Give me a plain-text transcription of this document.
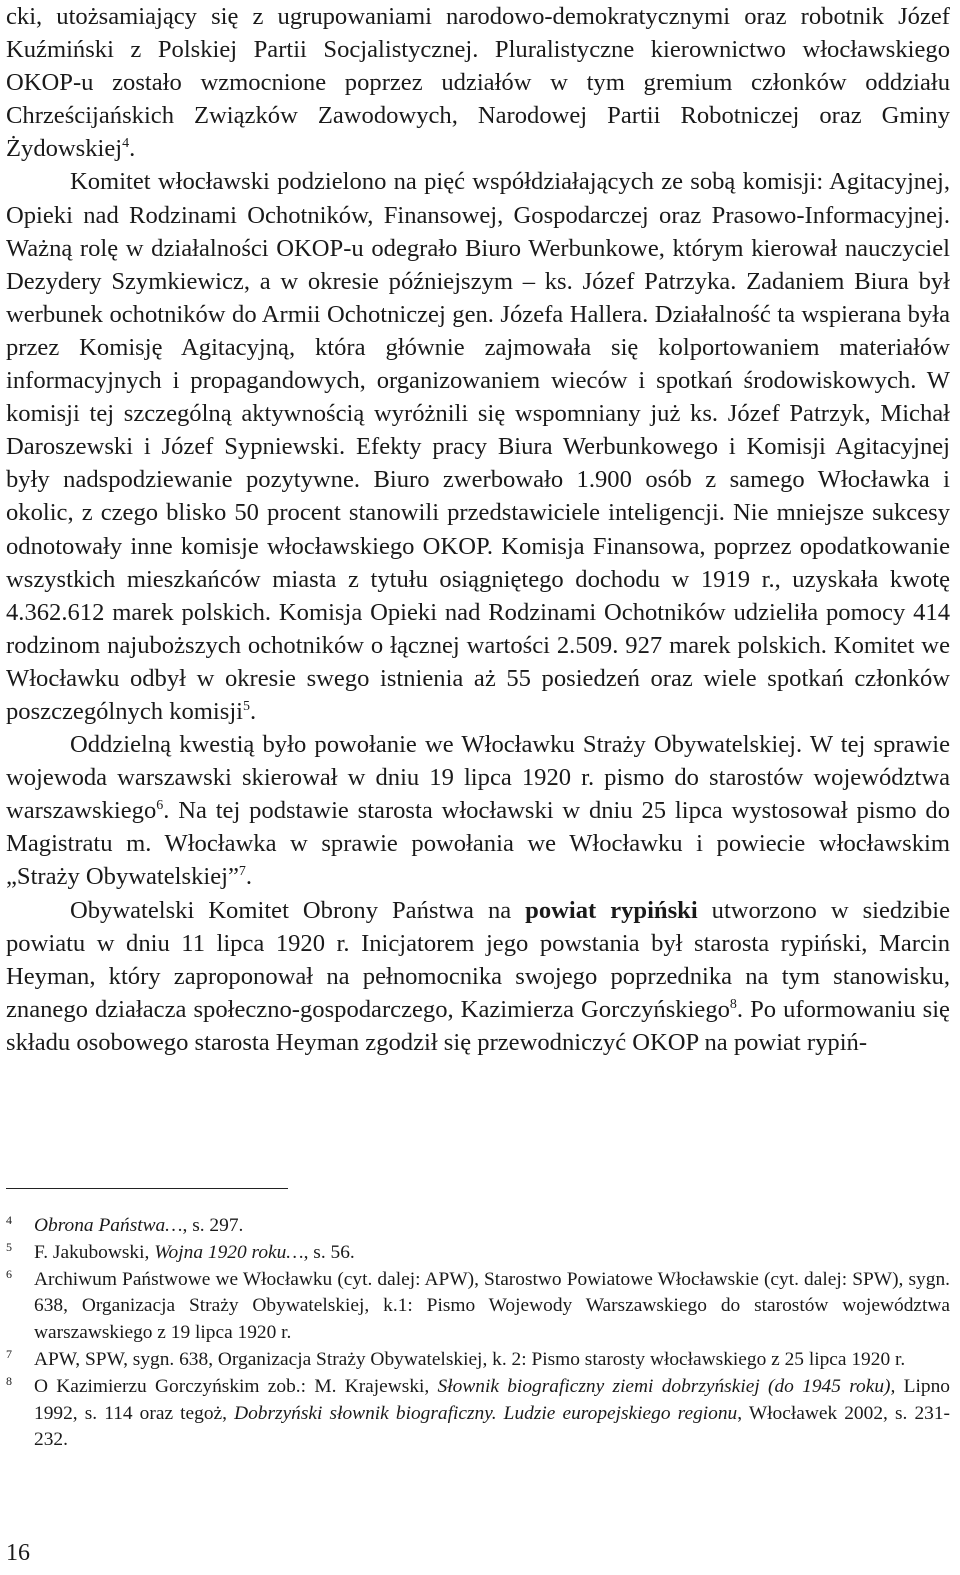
cki, utożsamiający się z ugrupowaniami narodowo-demokratycznymi oraz robotnik Józef Kuźmiński z Polskiej Partii Socjalistycznej. Pluralistyczne kierownictwo włocławskiego OKOP-u zostało wzmocnione poprzez udziałów w tym gremium członków oddziału Chrześcijańskich Związków Zawodowych, Narodowej Partii Robotniczej oraz Gminy Żydowskiej$^4$.

Komitet włocławski podzielono na pięć współdziałających ze sobą komisji: Agitacyjnej, Opieki nad Rodzinami Ochotników, Finansowej, Gospodarczej oraz Prasowo-Informacyjnej. Ważną rolę w działalności OKOP-u odegrało Biuro Werbunkowe, którym kierował nauczyciel Dezydery Szymkiewicz, a w okresie późniejszym – ks. Józef Patrzyka. Zadaniem Biura był werbunek ochotników do Armii Ochotniczej gen. Józefa Hallera. Działalność ta wspierana była przez Komisję Agitacyjną, która głównie zajmowała się kolportowaniem materiałów informacyjnych i propagandowych, organizowaniem wieców i spotkań środowiskowych. W komisji tej szczególną aktywnością wyróżnili się wspomniany już ks. Józef Patrzyk, Michał Daroszewski i Józef Sypniewski. Efekty pracy Biura Werbunkowego i Komisji Agitacyjnej były nadspodziewanie pozytywne. Biuro zwerbowało 1.900 osób z samego Włocławka i okolic, z czego blisko 50 procent stanowili przedstawiciele inteligencji. Nie mniejsze sukcesy odnotowały inne komisje włocławskiego OKOP. Komisja Finansowa, poprzez opodatkowanie wszystkich mieszkańców miasta z tytułu osiągniętego dochodu w 1919 r., uzyskała kwotę 4.362.612 marek polskich. Komisja Opieki nad Rodzinami Ochotników udzieliła pomocy 414 rodzinom najuboższych ochotników o łącznej wartości 2.509. 927 marek polskich. Komitet we Włocławku odbył w okresie swego istnienia aż 55 posiedzeń oraz wiele spotkań członków poszczególnych komisji$^5$.

Oddzielną kwestią było powołanie we Włocławku Straży Obywatelskiej. W tej sprawie wojewoda warszawski skierował w dniu 19 lipca 1920 r. pismo do starostów województwa warszawskiego$^6$. Na tej podstawie starosta włocławski w dniu 25 lipca wystosował pismo do Magistratu m. Włocławka w sprawie powołania we Włocławku i powiecie włocławskim „Straży Obywatelskiej”$^7$.

Obywatelski Komitet Obrony Państwa na powiat rypiński utworzono w siedzibie powiatu w dniu 11 lipca 1920 r. Inicjatorem jego powstania był starosta rypiński, Marcin Heyman, który zaproponował na pełnomocnika swojego poprzednika na tym stanowisku, znanego działacza społeczno-gospodarczego, Kazimierza Gorczyńskiego$^8$. Po uformowaniu się składu osobowego starosta Heyman zgodził się przewodniczyć OKOP na powiat rypiń-

4 Obrona Państwa…, s. 297.
5 F. Jakubowski, Wojna 1920 roku…, s. 56.
6 Archiwum Państwowe we Włocławku (cyt. dalej: APW), Starostwo Powiatowe Włocławskie (cyt. dalej: SPW), sygn. 638, Organizacja Straży Obywatelskiej, k.1: Pismo Wojewody Warszawskiego do starostów województwa warszawskiego z 19 lipca 1920 r.
7 APW, SPW, sygn. 638, Organizacja Straży Obywatelskiej, k. 2: Pismo starosty włocławskiego z 25 lipca 1920 r.
8 O Kazimierzu Gorczyńskim zob.: M. Krajewski, Słownik biograficzny ziemi dobrzyńskiej (do 1945 roku), Lipno 1992, s. 114 oraz tegoż, Dobrzyński słownik biograficzny. Ludzie europejskiego regionu, Włocławek 2002, s. 231-232.
16
